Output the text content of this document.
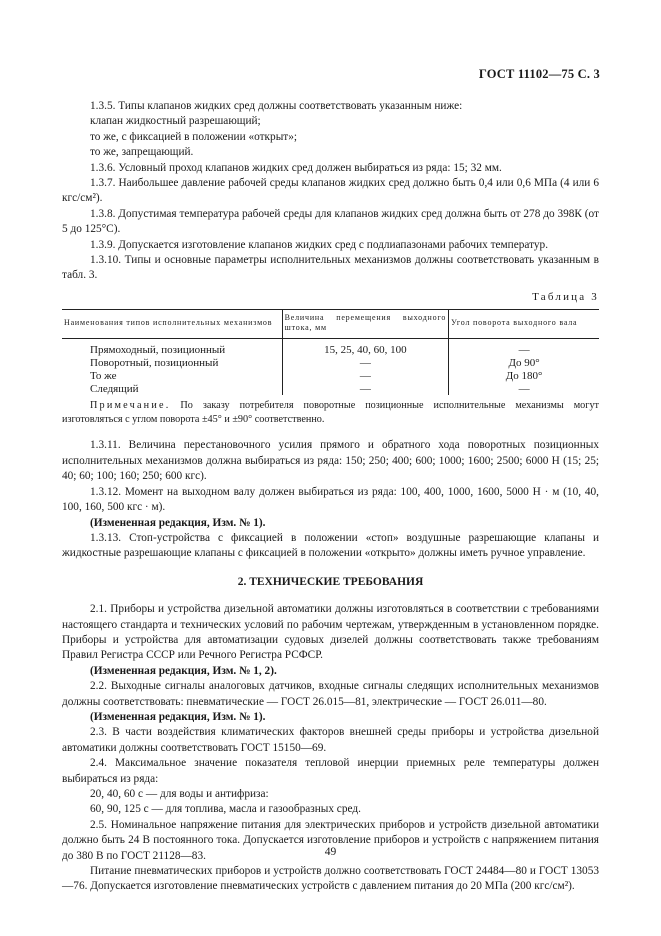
ГОСТ 11102—75 С. 3

1.3.5. Типы клапанов жидких сред должны соответствовать указанным ниже:

клапан жидкостный разрешающий;

то же, с фиксацией в положении «открыт»;

то же, запрещающий.

1.3.6. Условный проход клапанов жидких сред должен выбираться из ряда: 15; 32 мм.

1.3.7. Наибольшее давление рабочей среды клапанов жидких сред должно быть 0,4 или 0,6 МПа (4 или 6 кгс/см²).

1.3.8. Допустимая температура рабочей среды для клапанов жидких сред должна быть от 278 до 398К (от 5 до 125°С).

1.3.9. Допускается изготовление клапанов жидких сред с подлиапазонами рабочих температур.

1.3.10. Типы и основные параметры исполнительных механизмов должны соответствовать указанным в табл. 3.

Таблица 3
Наименования типов исполнительных механизмов	Величина перемещения выходного штока, мм	Угол поворота выходного вала
Прямоходный, позиционный	15, 25, 40, 60, 100	—
Поворотный, позиционный	—	До 90°
То же	—	До 180°
Следящий	—	—

Примечание. По заказу потребителя поворотные позиционные исполнительные механизмы могут изготовляться с углом поворота ±45° и ±90° соответственно.

1.3.11. Величина перестановочного усилия прямого и обратного хода поворотных позиционных исполнительных механизмов должна выбираться из ряда: 150; 250; 400; 600; 1000; 1600; 2500; 6000 Н (15; 25; 40; 60; 100; 160; 250; 600 кгс).

1.3.12. Момент на выходном валу должен выбираться из ряда: 100, 400, 1000, 1600, 5000 Н · м (10, 40, 100, 160, 500 кгс · м).

(Измененная редакция, Изм. № 1).

1.3.13. Стоп-устройства с фиксацией в положении «стоп» воздушные разрешающие клапаны и жидкостные разрешающие клапаны с фиксацией в положении «открыто» должны иметь ручное управление.

2. ТЕХНИЧЕСКИЕ ТРЕБОВАНИЯ

2.1. Приборы и устройства дизельной автоматики должны изготовляться в соответствии с требованиями настоящего стандарта и технических условий по рабочим чертежам, утвержденным в установленном порядке. Приборы и устройства для автоматизации судовых дизелей должны соответствовать также требованиям Правил Регистра СССР или Речного Регистра РСФСР.

(Измененная редакция, Изм. № 1, 2).

2.2. Выходные сигналы аналоговых датчиков, входные сигналы следящих исполнительных механизмов должны соответствовать: пневматические — ГОСТ 26.015—81, электрические — ГОСТ 26.011—80.

(Измененная редакция, Изм. № 1).

2.3. В части воздействия климатических факторов внешней среды приборы и устройства дизельной автоматики должны соответствовать ГОСТ 15150—69.

2.4. Максимальное значение показателя тепловой инерции приемных реле температуры должен выбираться из ряда:

20, 40, 60 с — для воды и антифриза:

60, 90, 125 с — для топлива, масла и газообразных сред.

2.5. Номинальное напряжение питания для электрических приборов и устройств дизельной автоматики должно быть 24 В постоянного тока. Допускается изготовление приборов и устройств с напряжением питания до 380 В по ГОСТ 21128—83.

Питание пневматических приборов и устройств должно соответствовать ГОСТ 24484—80 и ГОСТ 13053—76. Допускается изготовление пневматических устройств с давлением питания до 20 МПа (200 кгс/см²).

49
